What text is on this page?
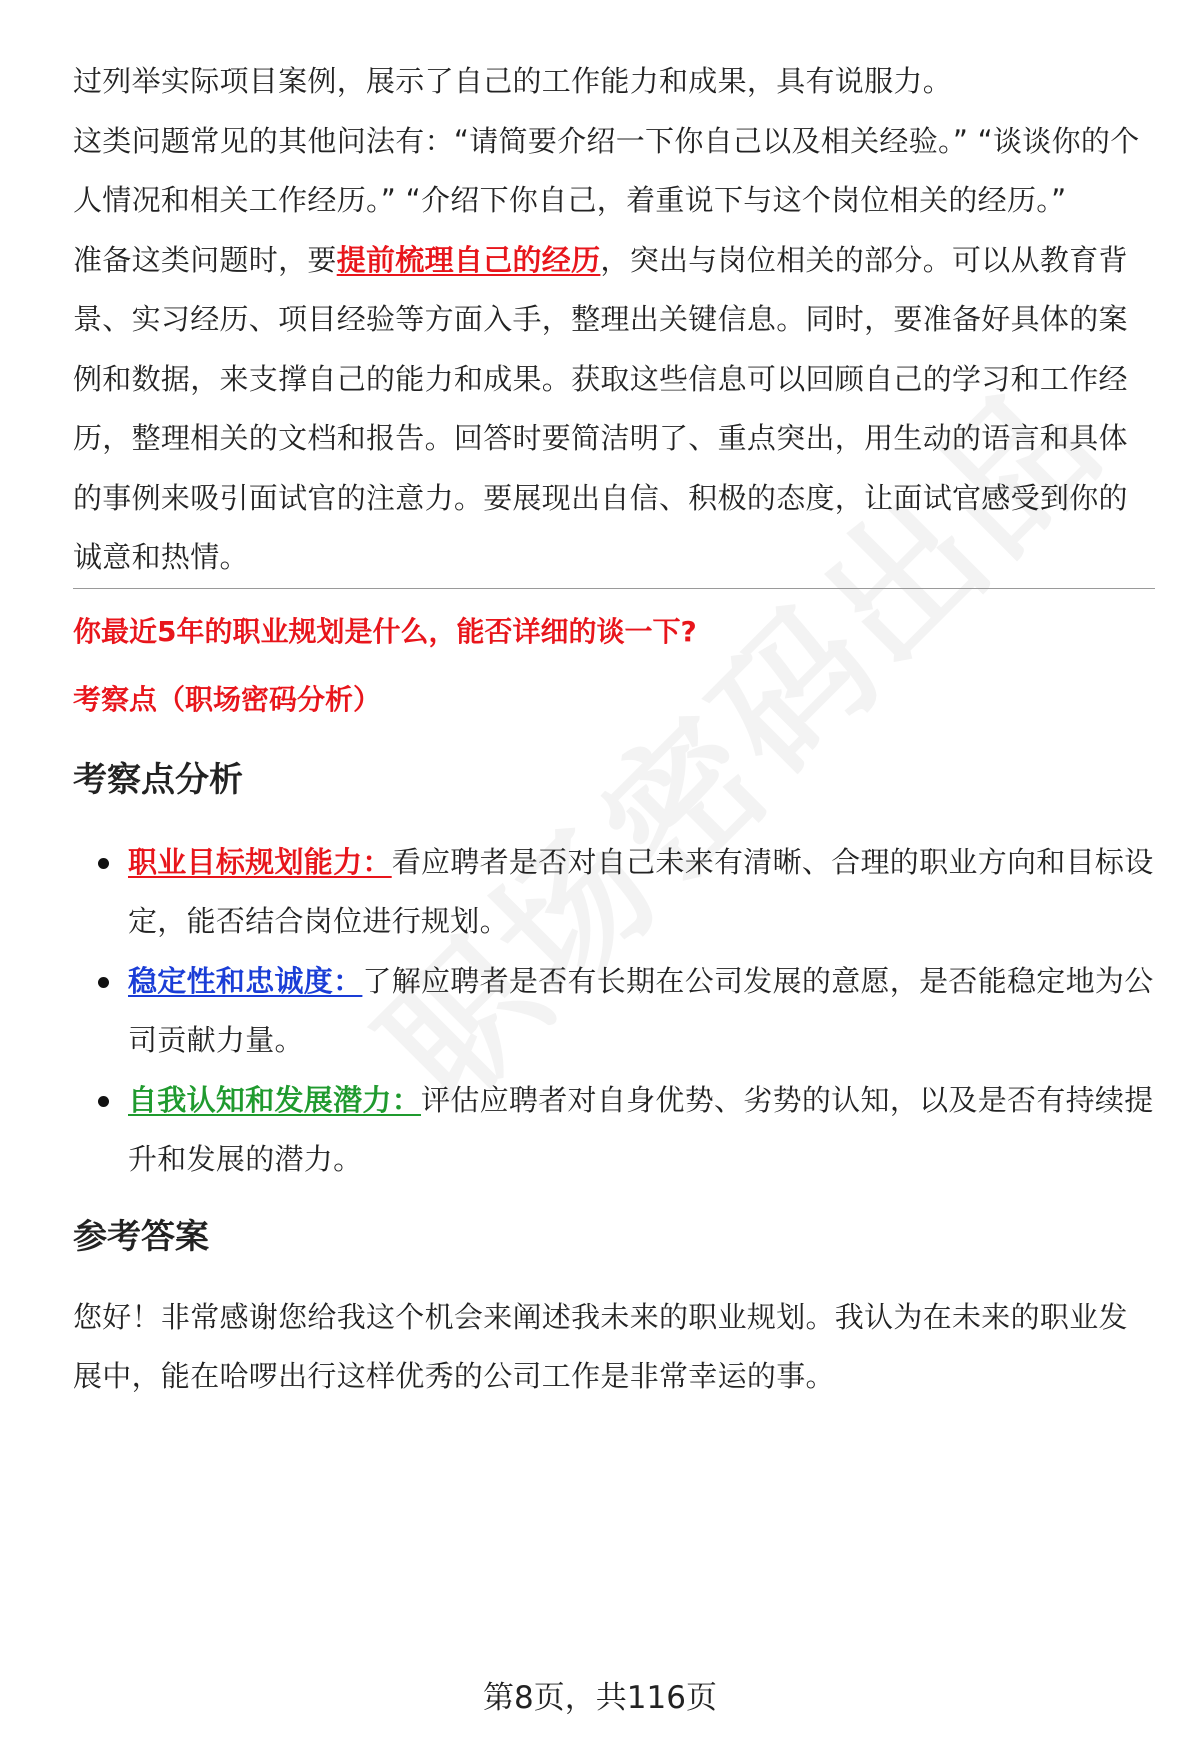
过列举实际项目案例，展示了自己的工作能力和成果，具有说服力。

这类问题常见的其他问法有：“请简要介绍一下你自己以及相关经验。” “谈谈你的个人情况和相关工作经历。” “介绍下你自己，着重说下与这个岗位相关的经历。”

准备这类问题时，要提前梳理自己的经历，突出与岗位相关的部分。可以从教育背景、实习经历、项目经验等方面入手，整理出关键信息。同时，要准备好具体的案例和数据，来支撑自己的能力和成果。获取这些信息可以回顾自己的学习和工作经历，整理相关的文档和报告。回答时要简洁明了、重点突出，用生动的语言和具体的事例来吸引面试官的注意力。要展现出自信、积极的态度，让面试官感受到你的诚意和热情。

你最近5年的职业规划是什么，能否详细的谈一下?

考察点（职场密码分析）

考察点分析
职业目标规划能力：看应聘者是否对自己未来有清晰、合理的职业方向和目标设定，能否结合岗位进行规划。
稳定性和忠诚度：了解应聘者是否有长期在公司发展的意愿，是否能稳定地为公司贡献力量。
自我认知和发展潜力：评估应聘者对自身优势、劣势的认知，以及是否有持续提升和发展的潜力。
参考答案

您好！非常感谢您给我这个机会来阐述我未来的职业规划。我认为在未来的职业发展中，能在哈啰出行这样优秀的公司工作是非常幸运的事。

第8页，共116页
